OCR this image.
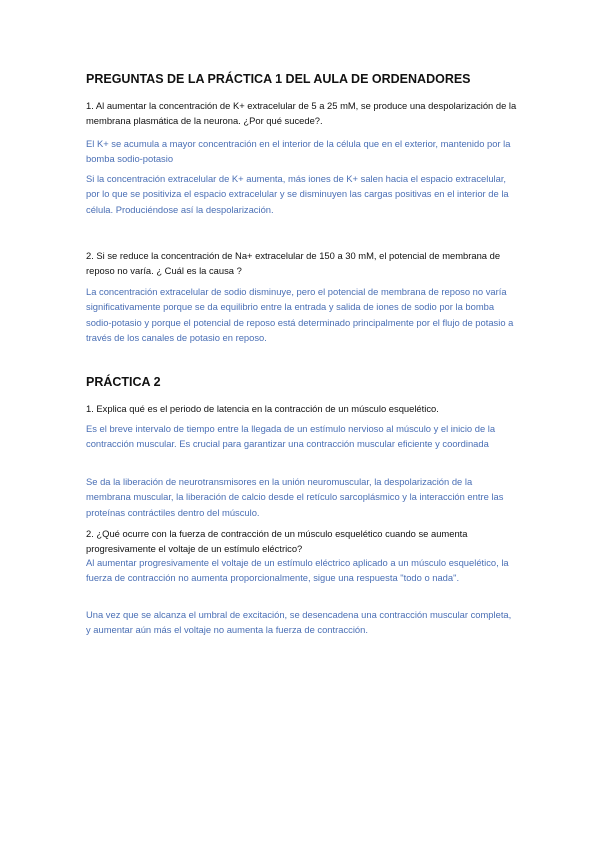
PREGUNTAS DE LA PRÁCTICA 1 DEL AULA DE ORDENADORES

1. Al aumentar la concentración de K+ extracelular de 5 a 25 mM, se produce una despolarización de la membrana plasmática de la neurona. ¿Por qué sucede?.

El K+ se acumula a mayor concentración en el interior de la célula que en el exterior, mantenido por la bomba sodio-potasio

Si la concentración extracelular de K+ aumenta, más iones de K+ salen hacia el espacio extracelular, por lo que se positiviza el espacio extracelular y se disminuyen las cargas positivas en el interior de la célula. Produciéndose así la despolarización.

2. Si se reduce la concentración de Na+ extracelular de 150 a 30 mM, el potencial de membrana de reposo no varía. ¿ Cuál es la causa ?

La concentración extracelular de sodio disminuye, pero el potencial de membrana de reposo no varía significativamente porque se da equilibrio entre la entrada y salida de iones de sodio por la bomba sodio-potasio y porque el potencial de reposo está determinado principalmente por el flujo de potasio a través de los canales de potasio en reposo.

PRÁCTICA 2

1. Explica qué es el periodo de latencia en la contracción de un músculo esquelético.

Es el breve intervalo de tiempo entre la llegada de un estímulo nervioso al músculo y el inicio de la contracción muscular. Es crucial para garantizar una contracción muscular eficiente y coordinada

Se da la liberación de neurotransmisores en la unión neuromuscular, la despolarización de la membrana muscular, la liberación de calcio desde el retículo sarcoplásmico y la interacción entre las proteínas contráctiles dentro del músculo.

2. ¿Qué ocurre con la fuerza de contracción de un músculo esquelético cuando se aumenta progresivamente el voltaje de un estímulo eléctrico?

Al aumentar progresivamente el voltaje de un estímulo eléctrico aplicado a un músculo esquelético, la fuerza de contracción no aumenta proporcionalmente, sigue una respuesta "todo o nada".

Una vez que se alcanza el umbral de excitación, se desencadena una contracción muscular completa, y aumentar aún más el voltaje no aumenta la fuerza de contracción.
